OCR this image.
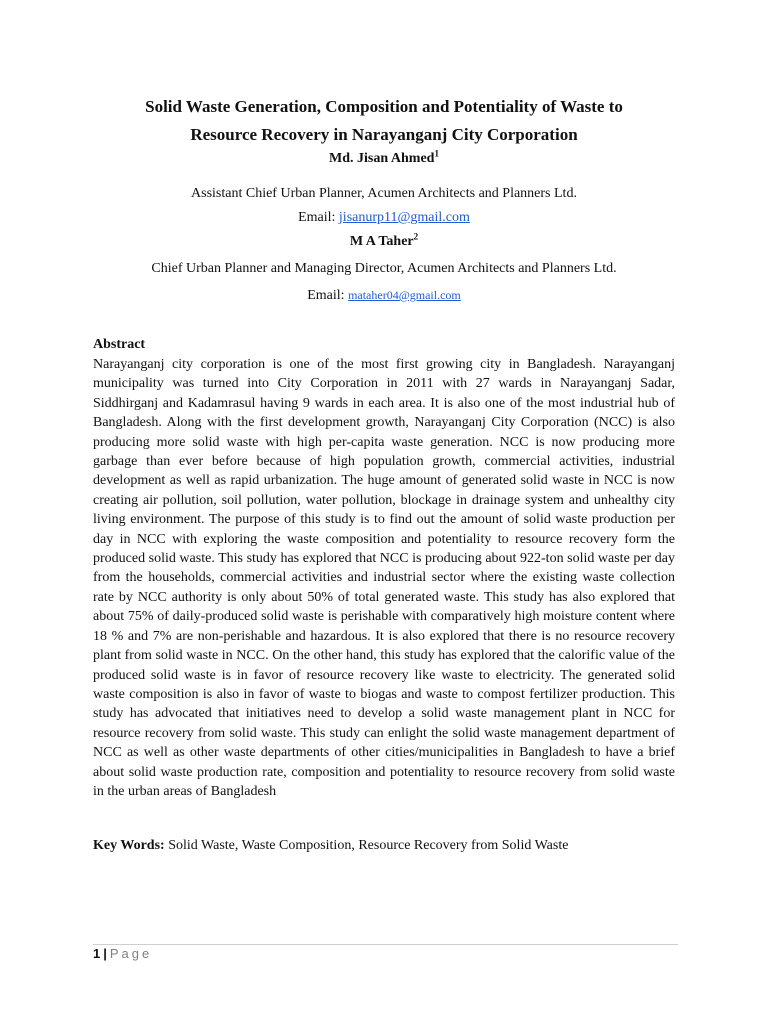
Solid Waste Generation, Composition and Potentiality of Waste to
Resource Recovery in Narayanganj City Corporation
Md. Jisan Ahmed$^1$
Assistant Chief Urban Planner, Acumen Architects and Planners Ltd.
Email: jisanurp11@gmail.com
M A Taher$^2$
Chief Urban Planner and Managing Director, Acumen Architects and Planners Ltd.
Email: mataher04@gmail.com
Abstract

Narayanganj city corporation is one of the most first growing city in Bangladesh. Narayanganj municipality was turned into City Corporation in 2011 with 27 wards in Narayanganj Sadar, Siddhirganj and Kadamrasul having 9 wards in each area. It is also one of the most industrial hub of Bangladesh. Along with the first development growth, Narayanganj City Corporation (NCC) is also producing more solid waste with high per-capita waste generation. NCC is now producing more garbage than ever before because of high population growth, commercial activities, industrial development as well as rapid urbanization. The huge amount of generated solid waste in NCC is now creating air pollution, soil pollution, water pollution, blockage in drainage system and unhealthy city living environment. The purpose of this study is to find out the amount of solid waste production per day in NCC with exploring the waste composition and potentiality to resource recovery form the produced solid waste. This study has explored that NCC is producing about 922-ton solid waste per day from the households, commercial activities and industrial sector where the existing waste collection rate by NCC authority is only about 50% of total generated waste. This study has also explored that about 75% of daily-produced solid waste is perishable with comparatively high moisture content where 18 % and 7% are non-perishable and hazardous. It is also explored that there is no resource recovery plant from solid waste in NCC. On the other hand, this study has explored that the calorific value of the produced solid waste is in favor of resource recovery like waste to electricity. The generated solid waste composition is also in favor of waste to biogas and waste to compost fertilizer production. This study has advocated that initiatives need to develop a solid waste management plant in NCC for resource recovery from solid waste. This study can enlight the solid waste management department of NCC as well as other waste departments of other cities/municipalities in Bangladesh to have a brief about solid waste production rate, composition and potentiality to resource recovery from solid waste in the urban areas of Bangladesh

Key Words: Solid Waste, Waste Composition, Resource Recovery from Solid Waste
1 | Page
